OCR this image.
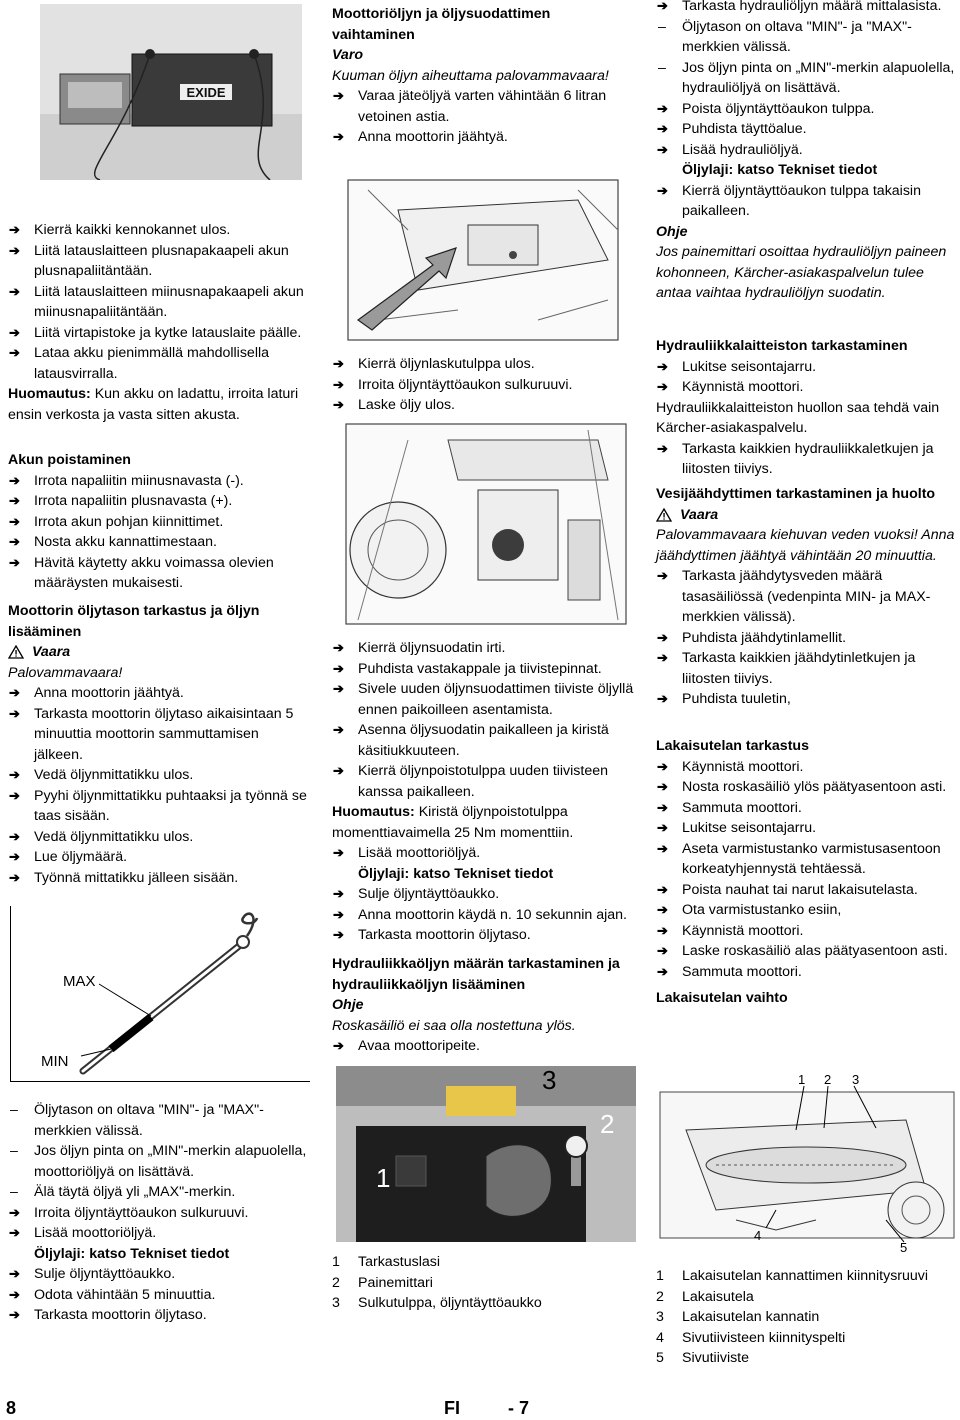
EXIDE
➔ Kierrä kaikki kennokannet ulos.
➔ Liitä latauslaitteen plusnapakaapeli akun plusnapaliitäntään.
➔ Liitä latauslaitteen miinusnapakaapeli akun miinusnapaliitäntään.
➔ Liitä virtapistoke ja kytke latauslaite päälle.
➔ Lataa akku pienimmällä mahdollisella latausvirralla.
Huomautus: Kun akku on ladattu, irroita laturi ensin verkosta ja vasta sitten akusta.
Akun poistaminen
➔ Irrota napaliitin miinusnavasta (-).
➔ Irrota napaliitin plusnavasta (+).
➔ Irrota akun pohjan kiinnittimet.
➔ Nosta akku kannattimestaan.
➔ Hävitä käytetty akku voimassa olevien määräysten mukaisesti.
Moottorin öljytason tarkastus ja öljyn lisääminen
Vaara
Palovammavaara!
➔ Anna moottorin jäähtyä.
➔ Tarkasta moottorin öljytaso aikaisintaan 5 minuuttia moottorin sammuttamisen jälkeen.
➔ Vedä öljynmittatikku ulos.
➔ Pyyhi öljynmittatikku puhtaaksi ja työnnä se taas sisään.
➔ Vedä öljynmittatikku ulos.
➔ Lue öljymäärä.
➔ Työnnä mittatikku jälleen sisään.
MAX
MIN
– Öljytason on oltava "MIN"- ja "MAX"-merkkien välissä.
– Jos öljyn pinta on „MIN"-merkin alapuolella, moottoriöljyä on lisättävä.
– Älä täytä öljyä yli „MAX"-merkin.
➔ Irroita öljyntäyttöaukon sulkuruuvi.
➔ Lisää moottoriöljyä.
Öljylaji: katso Tekniset tiedot
➔ Sulje öljyntäyttöaukko.
➔ Odota vähintään 5 minuuttia.
➔ Tarkasta moottorin öljytaso.
Moottoriöljyn ja öljysuodattimen vaihtaminen
Varo
Kuuman öljyn aiheuttama palovammavaara!
➔ Varaa jäteöljyä varten vähintään 6 litran vetoinen astia.
➔ Anna moottorin jäähtyä.
➔ Kierrä öljynlaskutulppa ulos.
➔ Irroita öljyntäyttöaukon sulkuruuvi.
➔ Laske öljy ulos.
➔ Kierrä öljynsuodatin irti.
➔ Puhdista vastakappale ja tiivistepinnat.
➔ Sivele uuden öljynsuodattimen tiiviste öljyllä ennen paikoilleen asentamista.
➔ Asenna öljysuodatin paikalleen ja kiristä käsitiukkuuteen.
➔ Kierrä öljynpoistotulppa uuden tiivisteen kanssa paikalleen.
Huomautus: Kiristä öljynpoistotulppa momenttiavaimella 25 Nm momenttiin.
➔ Lisää moottoriöljyä.
Öljylaji: katso Tekniset tiedot
➔ Sulje öljyntäyttöaukko.
➔ Anna moottorin käydä n. 10 sekunnin ajan.
➔ Tarkasta moottorin öljytaso.
Hydrauliikkaöljyn määrän tarkastaminen ja hydrauliikkaöljyn lisääminen
Ohje
Roskasäiliö ei saa olla nostettuna ylös.
➔ Avaa moottoripeite.
1
2
3
1	Tarkastuslasi
2	Painemittari
3	Sulkutulppa, öljyntäyttöaukko
➔ Tarkasta hydrauliöljyn määrä mittalasista.
– Öljytason on oltava "MIN"- ja "MAX"-merkkien välissä.
– Jos öljyn pinta on „MIN"-merkin alapuolella, hydrauliöljyä on lisättävä.
➔ Poista öljyntäyttöaukon tulppa.
➔ Puhdista täyttöalue.
➔ Lisää hydrauliöljyä.
Öljylaji: katso Tekniset tiedot
➔ Kierrä öljyntäyttöaukon tulppa takaisin paikalleen.
Ohje
Jos painemittari osoittaa hydrauliöljyn paineen kohonneen, Kärcher-asiakaspalvelun tulee antaa vaihtaa hydrauliöljyn suodatin.
Hydrauliikkalaitteiston tarkastaminen
➔ Lukitse seisontajarru.
➔ Käynnistä moottori.
Hydrauliikkalaitteiston huollon saa tehdä vain Kärcher-asiakaspalvelu.
➔ Tarkasta kaikkien hydrauliikkaletkujen ja liitosten tiiviys.
Vesijäähdyttimen tarkastaminen ja huolto
Vaara
Palovammavaara kiehuvan veden vuoksi! Anna jäähdyttimen jäähtyä vähintään 20 minuuttia.
➔ Tarkasta jäähdytysveden määrä tasasäiliössä (vedenpinta MIN- ja MAX-merkkien välissä).
➔ Puhdista jäähdytinlamellit.
➔ Tarkasta kaikkien jäähdytinletkujen ja liitosten tiiviys.
➔ Puhdista tuuletin,
Lakaisutelan tarkastus
➔ Käynnistä moottori.
➔ Nosta roskasäiliö ylös päätyasentoon asti.
➔ Sammuta moottori.
➔ Lukitse seisontajarru.
➔ Aseta varmistustanko varmistusasentoon korkeatyhjennystä tehtäessä.
➔ Poista nauhat tai narut lakaisutelasta.
➔ Ota varmistustanko esiin,
➔ Käynnistä moottori.
➔ Laske roskasäiliö alas päätyasentoon asti.
➔ Sammuta moottori.
Lakaisutelan vaihto
1 2 3
4
5
1	Lakaisutelan kannattimen kiinnitysruuvi
2	Lakaisutela
3	Lakaisutelan kannatin
4	Sivutiivisteen kiinnityspelti
5	Sivutiiviste
8	FI	- 7
